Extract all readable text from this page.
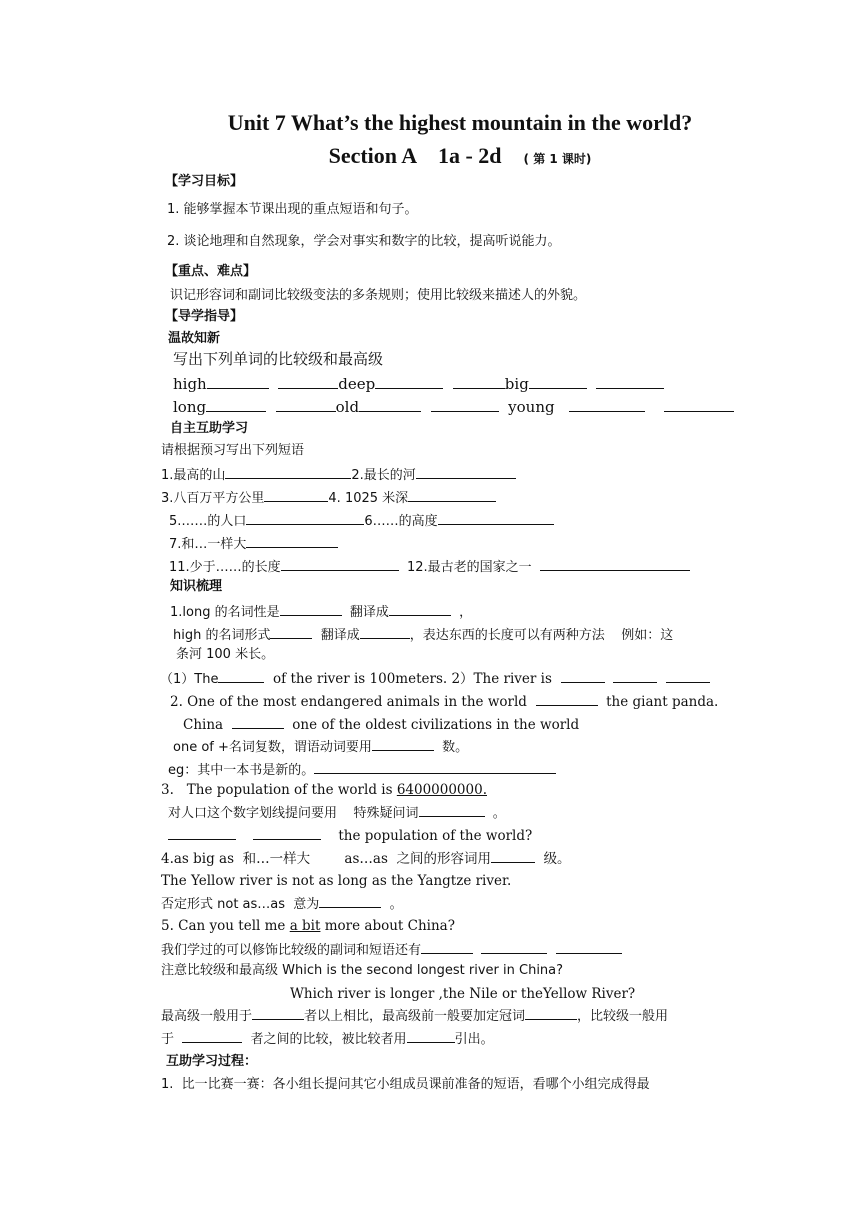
Unit 7 What’s the highest mountain in the world?
Section A    1a - 2d ( 第 1 课时)
【学习目标】
1. 能够掌握本节课出现的重点短语和句子。
2. 谈论地理和自然现象，学会对事实和数字的比较，提高听说能力。
【重点、难点】
识记形容词和副词比较级变法的多条规则；使用比较级来描述人的外貌。
【导学指导】
温故知新
写出下列单词的比较级和最高级
high	deep	big
long	old	young
自主互助学习
请根据预习写出下列短语
1.最高的山	2.最长的河
3.八百万平方公里	4. 1025 米深
5.……的人口	6……的高度
7.和…一样大
11.少于……的长度	12.最古老的国家之一
知识梳理
1.long 的名词性是	翻译成	，
high 的名词形式	翻译成	，表达东西的长度可以有两种方法    例如：这
条河 100 米长。
（1）The	of the river is 100meters. 2）The river is
2. One of the most endangered animals in the world	the giant panda.
China	one of the oldest civilizations in the world
one of +名词复数，谓语动词要用	数。
eg：其中一本书是新的。
3.   The population of the world is 6400000000.
对人口这个数字划线提问要用    特殊疑问词	。
the population of the world?
4.as big as  和…一样大        as…as  之间的形容词用	级。
The Yellow river is not as long as the Yangtze river.
否定形式 not as…as  意为	。
5. Can you tell me a bit more about China?
我们学过的可以修饰比较级的副词和短语还有
注意比较级和最高级 Which is the second longest river in China?
Which river is longer ,the Nile or theYellow River?
最高级一般用于	者以上相比，最高级前一般要加定冠词	，比较级一般用
于	者之间的比较，被比较者用	引出。
互助学习过程：
1.  比一比赛一赛：各小组长提问其它小组成员课前准备的短语，看哪个小组完成得最
